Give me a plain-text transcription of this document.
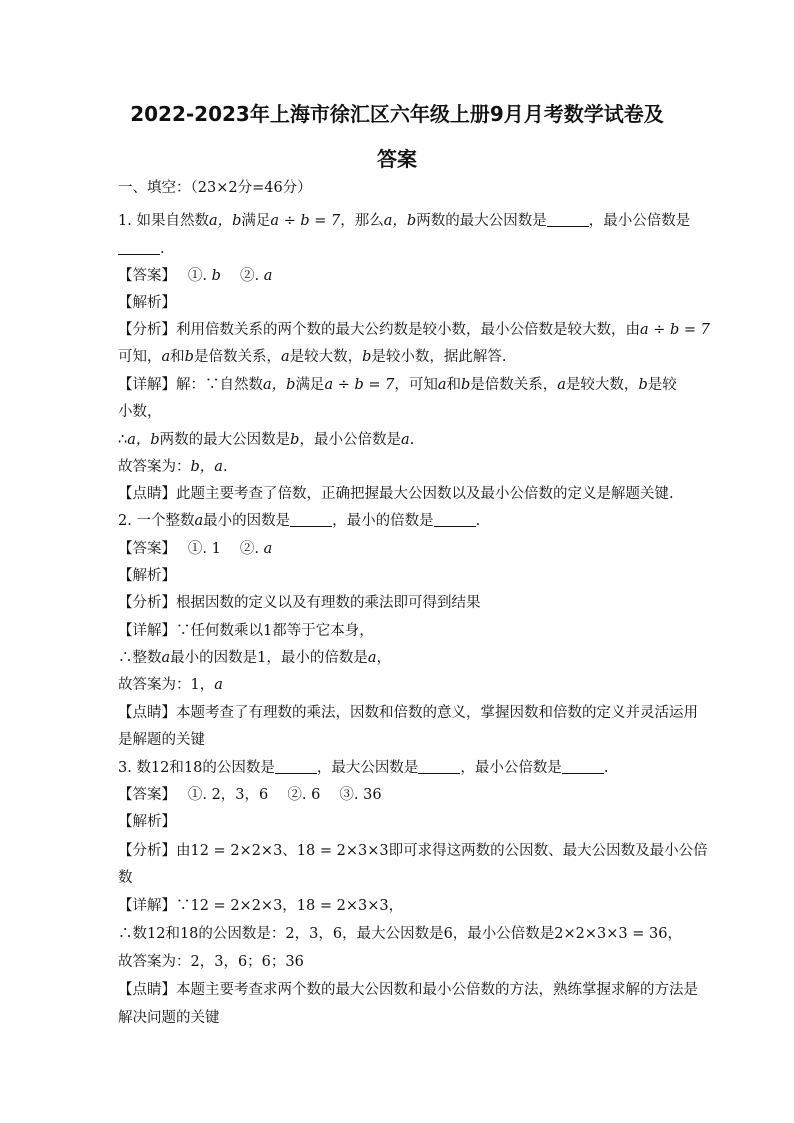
2022-2023年上海市徐汇区六年级上册9月月考数学试卷及
答案
一、填空：（23×2分=46分）
1. 如果自然数a，b满足a ÷ b = 7，那么a，b两数的最大公因数是	，最小公倍数是
.
【答案】　 ①. b　 ②. a
【解析】
【分析】利用倍数关系的两个数的最大公约数是较小数，最小公倍数是较大数，由a ÷ b = 7
可知，a和b是倍数关系，a是较大数，b是较小数，据此解答.
【详解】解：∵自然数a，b满足a ÷ b = 7，可知a和b是倍数关系，a是较大数，b是较
小数，
∴a，b两数的最大公因数是b，最小公倍数是a.
故答案为：b，a.
【点睛】此题主要考查了倍数，正确把握最大公因数以及最小公倍数的定义是解题关键.
2. 一个整数a最小的因数是	，最小的倍数是	.
【答案】　 ①. 1　 ②. a
【解析】
【分析】根据因数的定义以及有理数的乘法即可得到结果
【详解】∵任何数乘以1都等于它本身，
∴整数a最小的因数是1，最小的倍数是a，
故答案为：1，a
【点睛】本题考查了有理数的乘法，因数和倍数的意义，掌握因数和倍数的定义并灵活运用
是解题的关键
3. 数12和18的公因数是	，最大公因数是	，最小公倍数是	.
【答案】　 ①. 2，3，6　 ②. 6　 ③. 36
【解析】
【分析】由12 = 2×2×3、18 = 2×3×3即可求得这两数的公因数、最大公因数及最小公倍
数
【详解】∵12 = 2×2×3，18 = 2×3×3，
∴数12和18的公因数是：2，3，6，最大公因数是6，最小公倍数是2×2×3×3 = 36，
故答案为：2，3，6；6；36
【点睛】本题主要考查求两个数的最大公因数和最小公倍数的方法，熟练掌握求解的方法是
解决问题的关键
